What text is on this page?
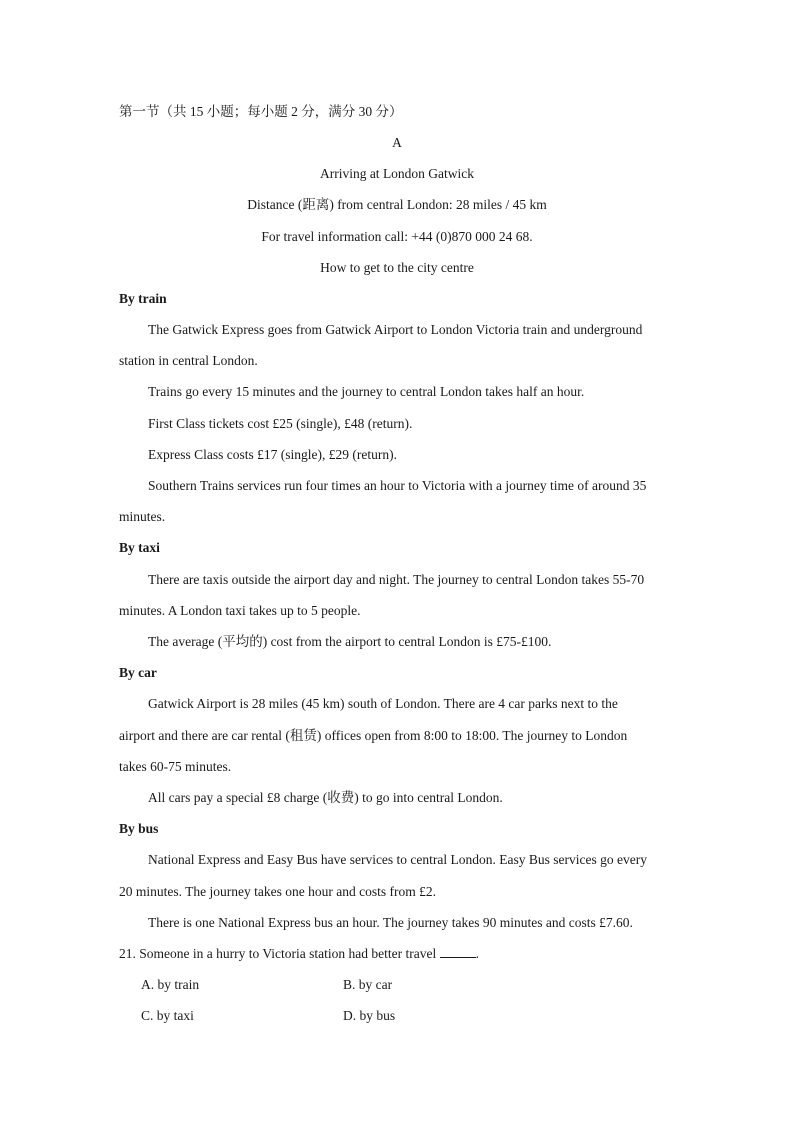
第一节（共 15 小题；每小题 2 分，满分 30 分）
A
Arriving at London Gatwick
Distance (距离) from central London: 28 miles / 45 km
For travel information call: +44 (0)870 000 24 68.
How to get to the city centre
By train
The Gatwick Express goes from Gatwick Airport to London Victoria train and underground
station in central London.
Trains go every 15 minutes and the journey to central London takes half an hour.
First Class tickets cost £25 (single), £48 (return).
Express Class costs £17 (single), £29 (return).
Southern Trains services run four times an hour to Victoria with a journey time of around 35
minutes.
By taxi
There are taxis outside the airport day and night. The journey to central London takes 55-70
minutes. A London taxi takes up to 5 people.
The average (平均的) cost from the airport to central London is £75-£100.
By car
Gatwick Airport is 28 miles (45 km) south of London. There are 4 car parks next to the
airport and there are car rental (租赁) offices open from 8:00 to 18:00. The journey to London
takes 60-75 minutes.
All cars pay a special £8 charge (收费) to go into central London.
By bus
National Express and Easy Bus have services to central London. Easy Bus services go every
20 minutes. The journey takes one hour and costs from £2.
There is one National Express bus an hour. The journey takes 90 minutes and costs £7.60.
21. Someone in a hurry to Victoria station had better travel	.
A. by train	B. by car
C. by taxi	D. by bus
